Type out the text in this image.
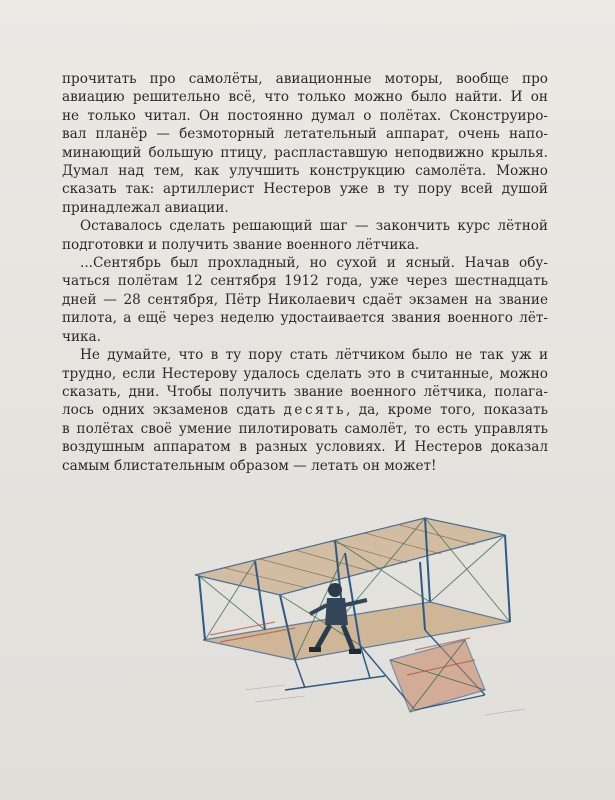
прочитать про самолёты, авиационные моторы, вообще про

авиацию решительно всё, что только можно было найти. И он

не только читал. Он постоянно думал о полётах. Сконструиро-

вал планёр — безмоторный летательный аппарат, очень напо-

минающий большую птицу, распластавшую неподвижно крылья.

Думал над тем, как улучшить конструкцию самолёта. Можно

сказать так: артиллерист Нестеров уже в ту пору всей душой

принадлежал авиации.

Оставалось сделать решающий шаг — закончить курс лётной

подготовки и получить звание военного лётчика.

...Сентябрь был прохладный, но сухой и ясный. Начав обу-

чаться полётам 12 сентября 1912 года, уже через шестнадцать

дней — 28 сентября, Пётр Николаевич сдаёт экзамен на звание

пилота, а ещё через неделю удостаивается звания военного лёт-

чика.

Не думайте, что в ту пору стать лётчиком было не так уж и

трудно, если Нестерову удалось сделать это в считанные, можно

сказать, дни. Чтобы получить звание военного лётчика, полага-

лось одних экзаменов сдать десять, да, кроме того, показать

в полётах своё умение пилотировать самолёт, то есть управлять

воздушным аппаратом в разных условиях. И Нестеров доказал

самым блистательным образом — летать он может!
